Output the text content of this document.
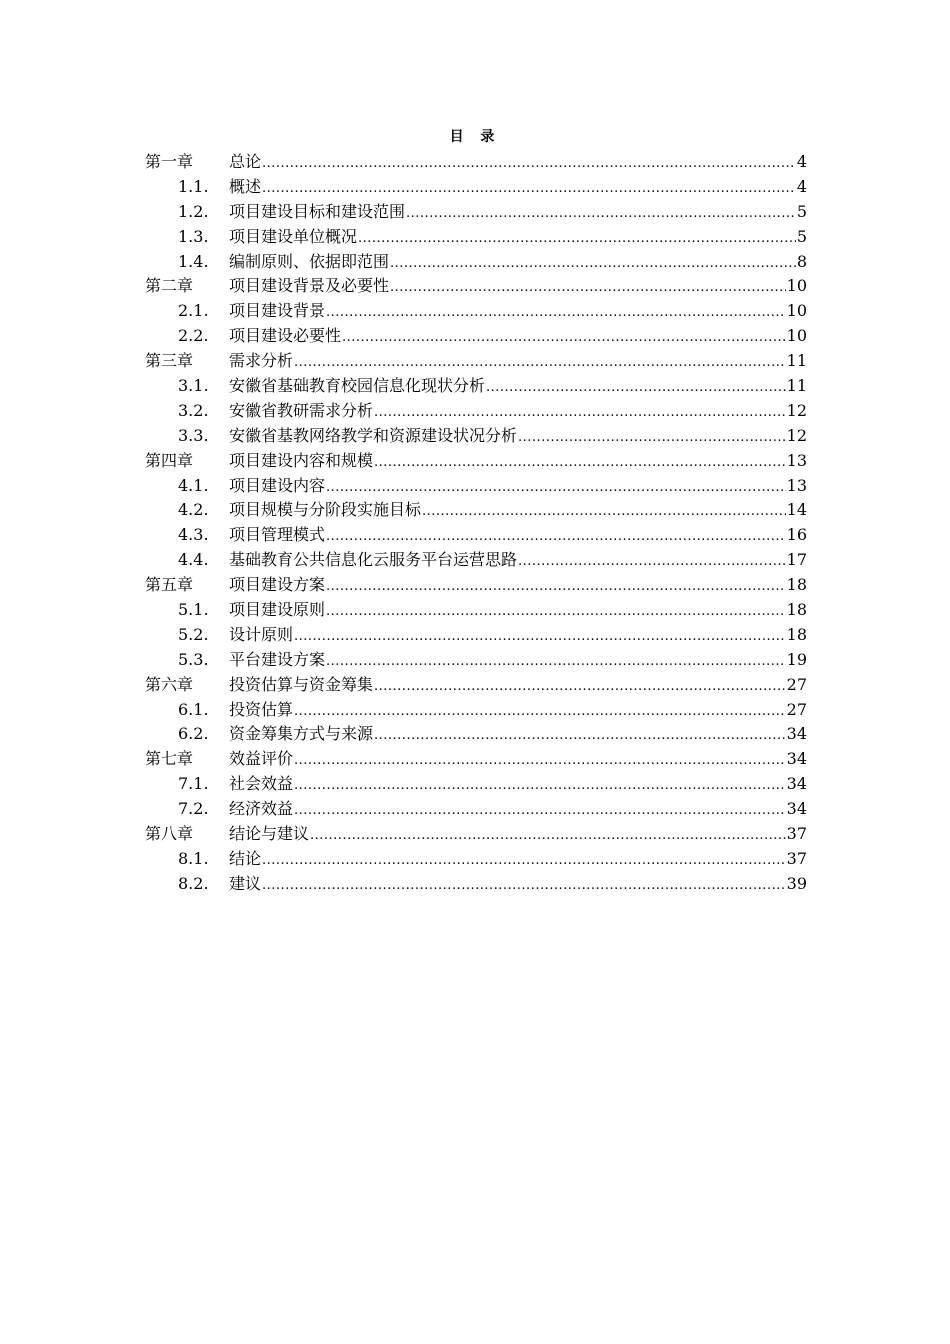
目 录
第一章	总论 .....	4
1.1.	概述 .....	4
1.2.	项目建设目标和建设范围 .....	5
1.3.	项目建设单位概况 .....	5
1.4.	编制原则、依据即范围 .....	8
第二章	项目建设背景及必要性 .....	10
2.1.	项目建设背景 .....	10
2.2.	项目建设必要性 .....	10
第三章	需求分析 .....	11
3.1.	安徽省基础教育校园信息化现状分析 .....	11
3.2.	安徽省教研需求分析 .....	12
3.3.	安徽省基教网络教学和资源建设状况分析 .....	12
第四章	项目建设内容和规模 .....	13
4.1.	项目建设内容 .....	13
4.2.	项目规模与分阶段实施目标 .....	14
4.3.	项目管理模式 .....	16
4.4.	基础教育公共信息化云服务平台运营思路 .....	17
第五章	项目建设方案 .....	18
5.1.	项目建设原则 .....	18
5.2.	设计原则 .....	18
5.3.	平台建设方案 .....	19
第六章	投资估算与资金筹集 .....	27
6.1.	投资估算 .....	27
6.2.	资金筹集方式与来源 .....	34
第七章	效益评价 .....	34
7.1.	社会效益 .....	34
7.2.	经济效益 .....	34
第八章	结论与建议 .....	37
8.1.	结论 .....	37
8.2.	建议 .....	39
